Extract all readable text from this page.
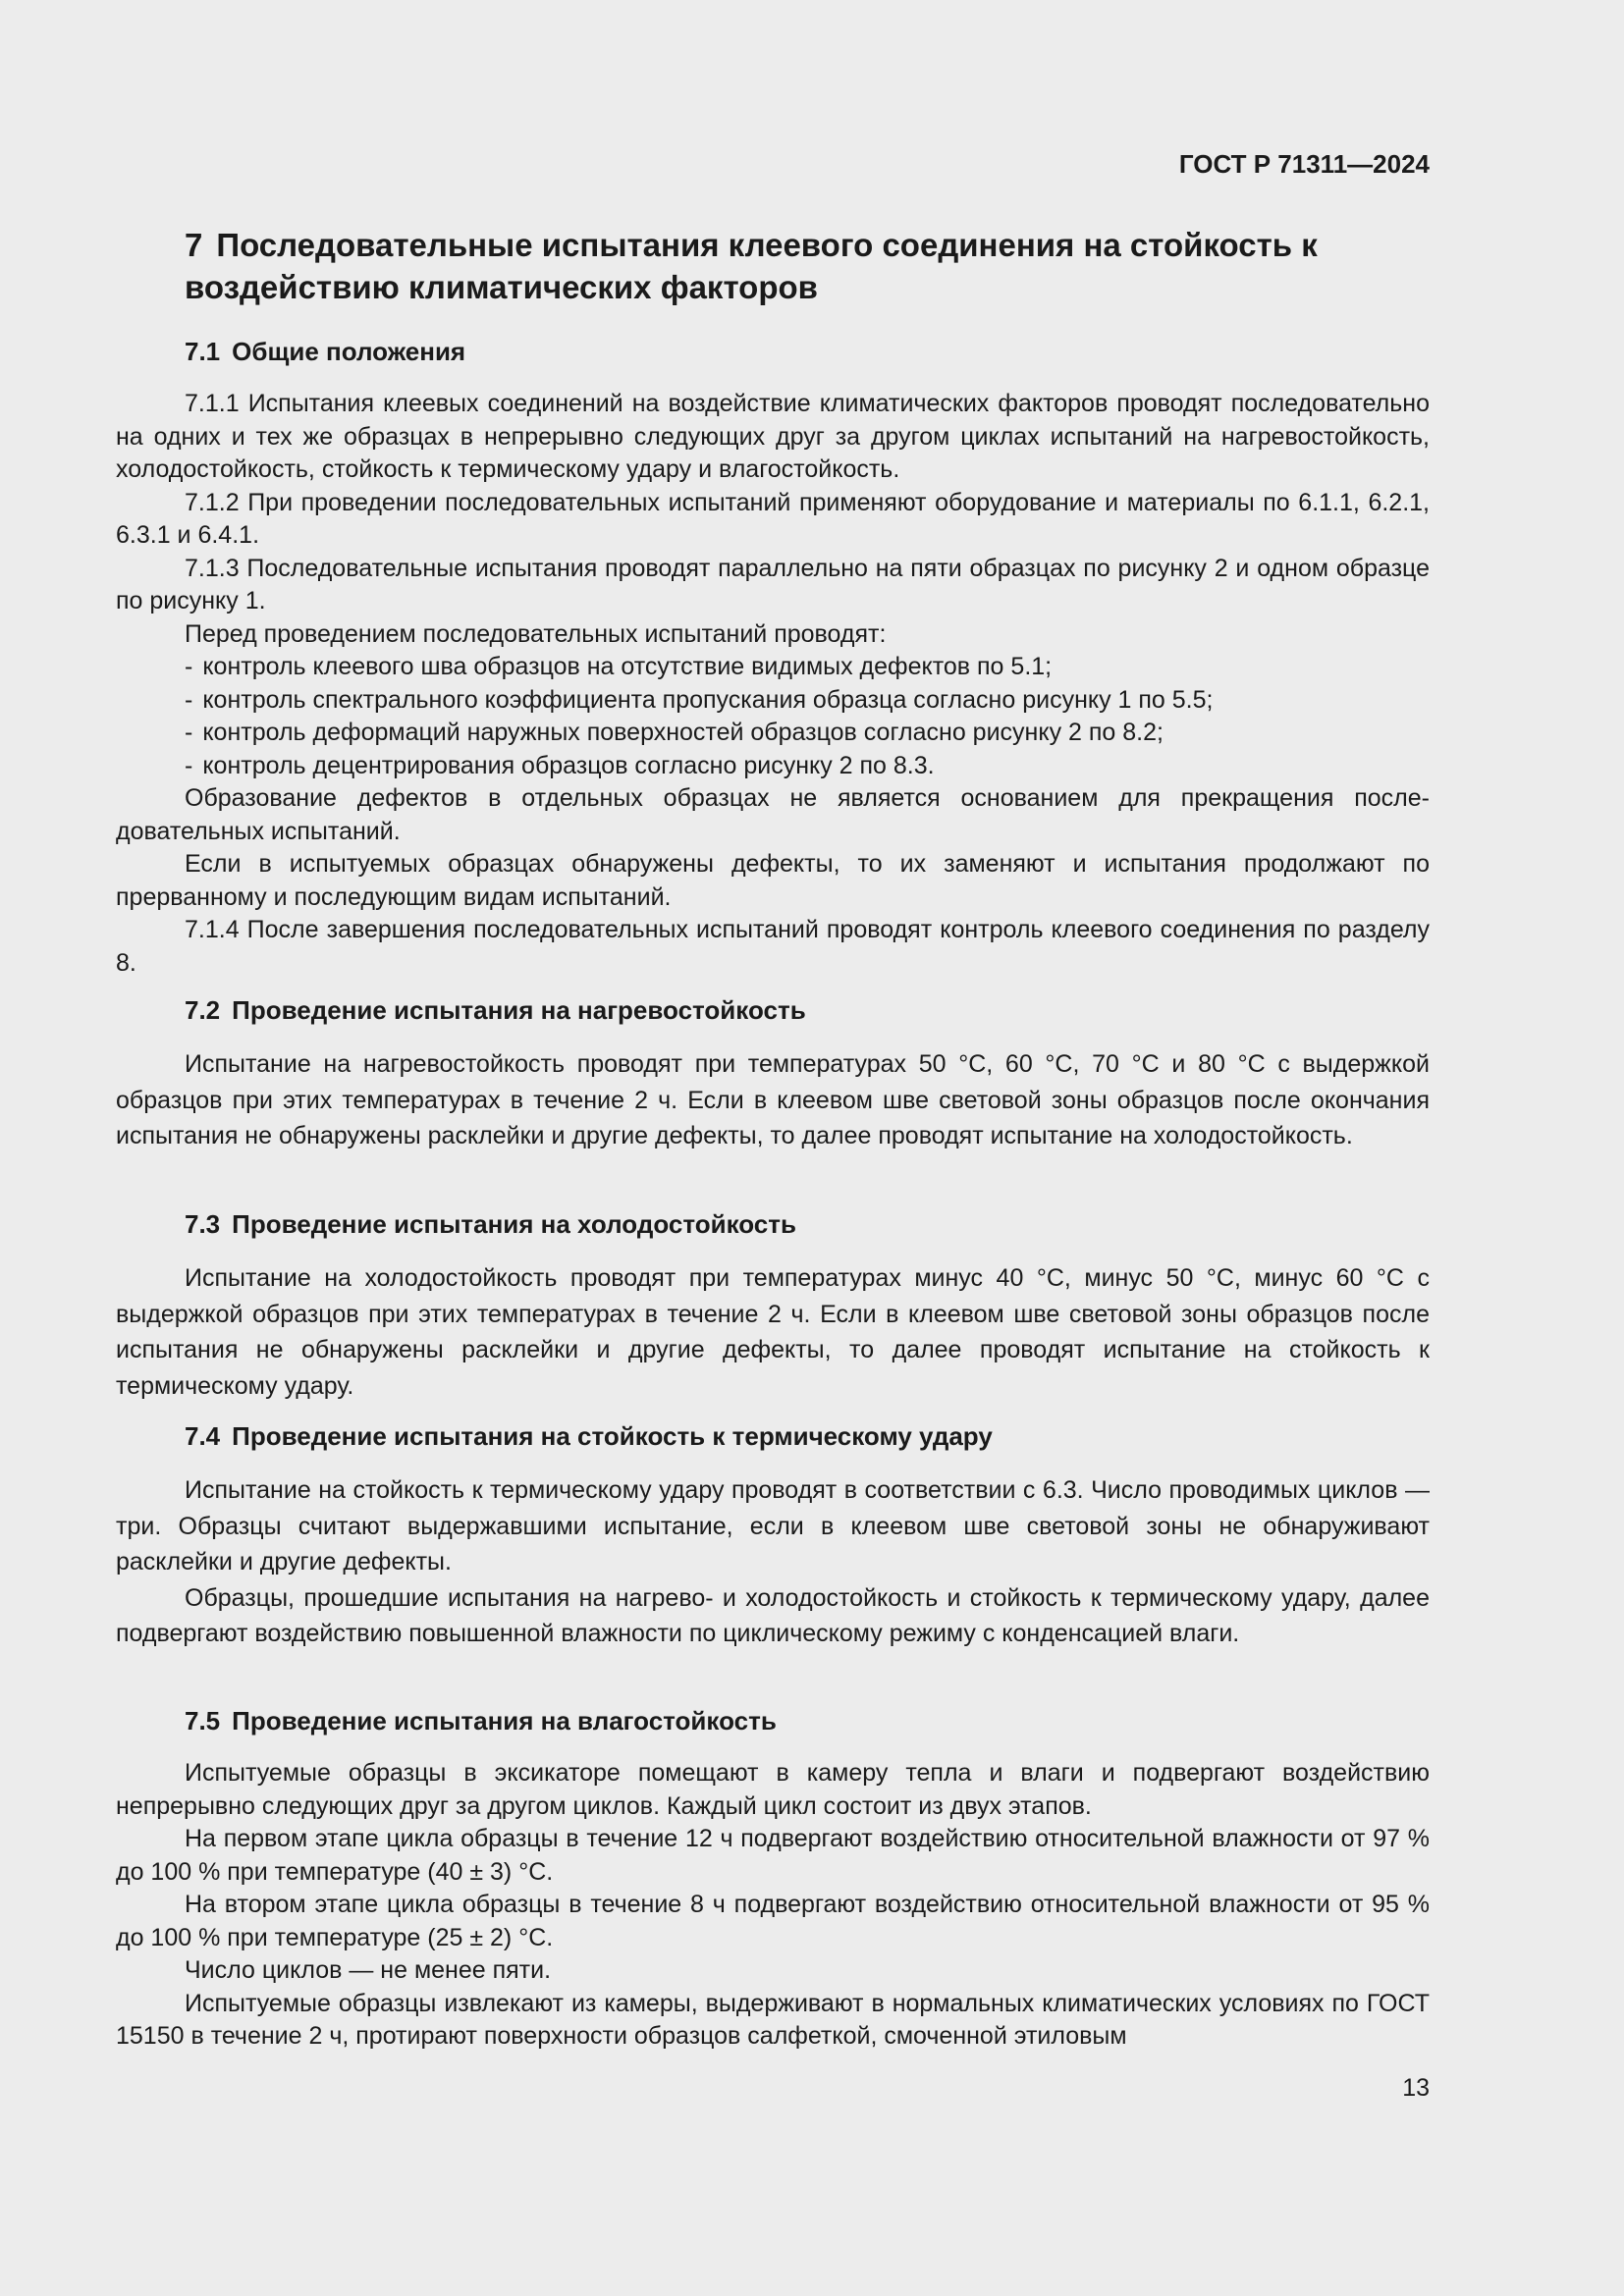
ГОСТ Р 71311—2024
7 Последовательные испытания клеевого соединения на стойкость к воздействию климатических факторов
7.1 Общие положения

7.1.1 Испытания клеевых соединений на воздействие климатических факторов проводят последовательно на одних и тех же образцах в непрерывно следующих друг за другом циклах испытаний на нагревостойкость, холодостойкость, стойкость к термическому удару и влагостойкость.

7.1.2 При проведении последовательных испытаний применяют оборудование и материалы по 6.1.1, 6.2.1, 6.3.1 и 6.4.1.

7.1.3 Последовательные испытания проводят параллельно на пяти образцах по рисунку 2 и одном образце по рисунку 1.

Перед проведением последовательных испытаний проводят:

- контроль клеевого шва образцов на отсутствие видимых дефектов по 5.1;
- контроль спектрального коэффициента пропускания образца согласно рисунку 1 по 5.5;
- контроль деформаций наружных поверхностей образцов согласно рисунку 2 по 8.2;
- контроль децентрирования образцов согласно рисунку 2 по 8.3.

Образование дефектов в отдельных образцах не является основанием для прекращения последовательных испытаний.

Если в испытуемых образцах обнаружены дефекты, то их заменяют и испытания продолжают по прерванному и последующим видам испытаний.

7.1.4 После завершения последовательных испытаний проводят контроль клеевого соединения по разделу 8.

7.2 Проведение испытания на нагревостойкость

Испытание на нагревостойкость проводят при температурах 50 °С, 60 °С, 70 °С и 80 °С с выдержкой образцов при этих температурах в течение 2 ч. Если в клеевом шве световой зоны образцов после окончания испытания не обнаружены расклейки и другие дефекты, то далее проводят испытание на холодостойкость.

7.3 Проведение испытания на холодостойкость

Испытание на холодостойкость проводят при температурах минус 40 °С, минус 50 °С, минус 60 °С с выдержкой образцов при этих температурах в течение 2 ч. Если в клеевом шве световой зоны образцов после испытания не обнаружены расклейки и другие дефекты, то далее проводят испытание на стойкость к термическому удару.

7.4 Проведение испытания на стойкость к термическому удару

Испытание на стойкость к термическому удару проводят в соответствии с 6.3. Число проводимых циклов — три. Образцы считают выдержавшими испытание, если в клеевом шве световой зоны не обнаруживают расклейки и другие дефекты.

Образцы, прошедшие испытания на нагрево- и холодостойкость и стойкость к термическому удару, далее подвергают воздействию повышенной влажности по циклическому режиму с конденсацией влаги.

7.5 Проведение испытания на влагостойкость

Испытуемые образцы в эксикаторе помещают в камеру тепла и влаги и подвергают воздействию непрерывно следующих друг за другом циклов. Каждый цикл состоит из двух этапов.

На первом этапе цикла образцы в течение 12 ч подвергают воздействию относительной влажности от 97 % до 100 % при температуре (40 ± 3) °С.

На втором этапе цикла образцы в течение 8 ч подвергают воздействию относительной влажности от 95 % до 100 % при температуре (25 ± 2) °С.

Число циклов — не менее пяти.

Испытуемые образцы извлекают из камеры, выдерживают в нормальных климатических условиях по ГОСТ 15150 в течение 2 ч, протирают поверхности образцов салфеткой, смоченной этиловым

13
